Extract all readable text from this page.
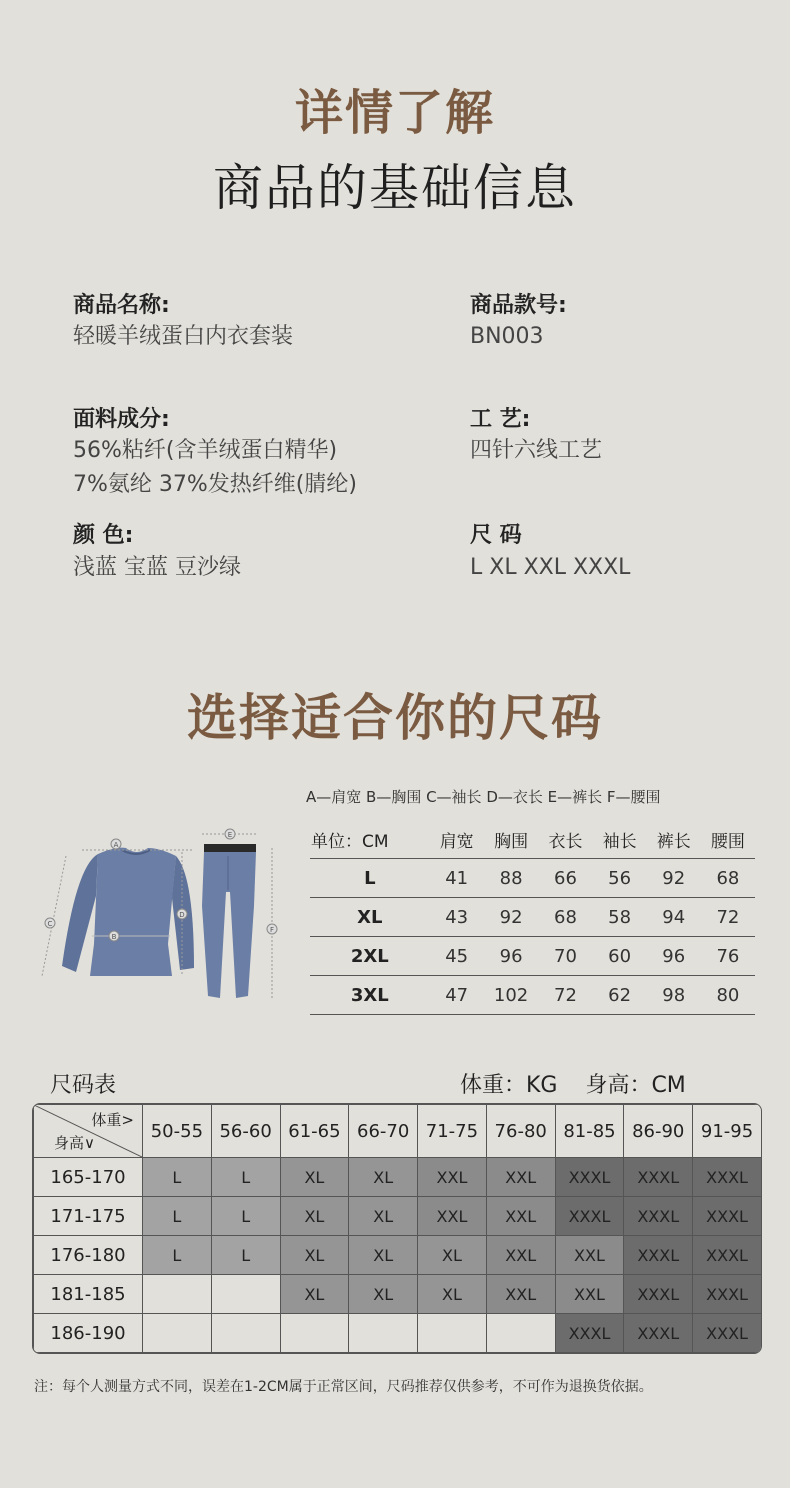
详情了解
商品的基础信息
商品名称:
轻暖羊绒蛋白内衣套装
商品款号:
BN003
面料成分:
56%粘纤(含羊绒蛋白精华)
7%氨纶 37%发热纤维(腈纶)
工 艺:
四针六线工艺
颜 色:
浅蓝 宝蓝 豆沙绿
尺 码
L XL XXL XXXL
选择适合你的尺码
A—肩宽 B—胸围 C—袖长 D—衣长 E—裤长 F—腰围
A
B
C
D
E
F
单位：CM	肩宽	胸围	衣长	袖长	裤长	腰围
L	41	88	66	56	92	68
XL	43	92	68	58	94	72
2XL	45	96	70	60	96	76
3XL	47	102	72	62	98	80
尺码表	体重：KG    身高：CM
体重>
身高∨	50-55	56-60	61-65	66-70	71-75	76-80	81-85	86-90	91-95
165-170	L	L	XL	XL	XXL	XXL	XXXL	XXXL	XXXL
171-175	L	L	XL	XL	XXL	XXL	XXXL	XXXL	XXXL
176-180	L	L	XL	XL	XL	XXL	XXL	XXXL	XXXL
181-185			XL	XL	XL	XXL	XXL	XXXL	XXXL
186-190							XXXL	XXXL	XXXL
注：每个人测量方式不同，误差在1-2CM属于正常区间，尺码推荐仅供参考，不可作为退换货依据。
